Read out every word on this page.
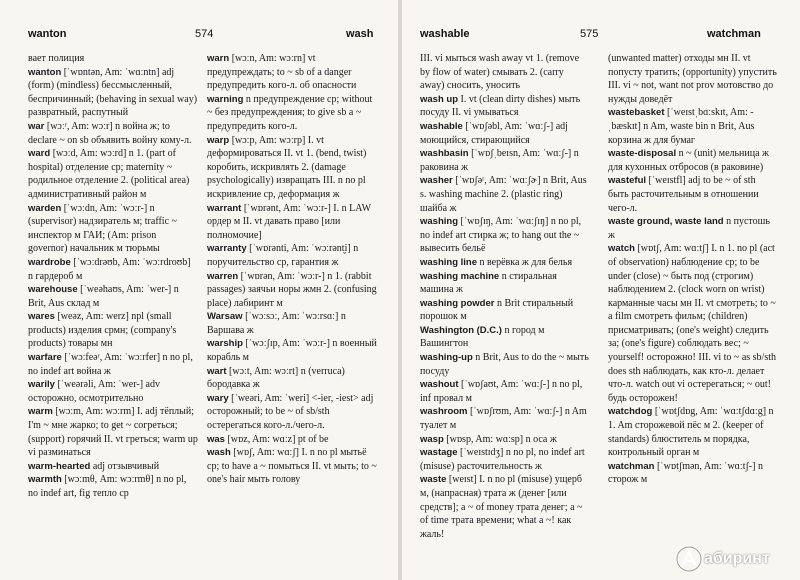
wanton	574	wash
вает полиция
wanton [ˈwɒntən, Am: ˈwɑːntn] adj (form) (mindless) бессмысленный, беспричинный; (behaving in sexual way) развратный, распутный
war [wɔːʳ, Am: wɔːr] n война ж; to declare ~ on sb объявить войну кому-л.
ward [wɔːd, Am: wɔːrd] n 1. (part of hospital) отделение ср; maternity ~ родильное отделение 2. (political area) административный район м
warden [ˈwɔːdn, Am: ˈwɔːr-] n (supervisor) надзиратель м; traffic ~ инспектор м ГАИ; (Am: prison governor) начальник м тюрьмы
wardrobe [ˈwɔːdrəʊb, Am: ˈwɔːrdroʊb] n гардероб м
warehouse [ˈweəhaʊs, Am: ˈwer-] n Brit, Aus склад м
wares [weəz, Am: werz] npl (small products) изделия срмн; (company's products) товары мн
warfare [ˈwɔːfeəʳ, Am: ˈwɔːrfer] n no pl, no indef art война ж
warily [ˈweərəli, Am: ˈwer-] adv осторожно, осмотрительно
warm [wɔːm, Am: wɔːrm] I. adj тёплый; I'm ~ мне жарко; to get ~ согреться; (support) горячий II. vt греться; warm up vi разминаться
warm-hearted adj отзывчивый
warmth [wɔːmθ, Am: wɔːrmθ] n no pl, no indef art, fig тепло ср
warn [wɔːn, Am: wɔːrn] vt предупреждать; to ~ sb of a danger предупредить кого-л. об опасности
warning n предупреждение ср; without ~ без предупреждения; to give sb a ~ предупредить кого-л.
warp [wɔːp, Am: wɔːrp] I. vt деформироваться II. vt 1. (bend, twist) коробить, искривлять 2. (damage psychologically) извращать III. n no pl искривление ср, деформация ж
warrant [ˈwɒrənt, Am: ˈwɔːr-] I. n LAW ордер м II. vt давать право [или полномочие]
warranty [ˈwɒrənti, Am: ˈwɔːrənt̬i] n поручительство ср, гарантия ж
warren [ˈwɒrən, Am: ˈwɔːr-] n 1. (rabbit passages) заячьи норы жмн 2. (confusing place) лабиринт м
Warsaw [ˈwɔːsɔː, Am: ˈwɔːrsɑː] n Варшава ж
warship [ˈwɔːʃɪp, Am: ˈwɔːr-] n военный корабль м
wart [wɔːt, Am: wɔːrt] n (verruca) бородавка ж
wary [ˈweəri, Am: ˈweri] <-ier, -iest> adj осторожный; to be ~ of sb/sth остерегаться кого-л./чего-л.
was [wɒz, Am: wɑːz] pt of be
wash [wɒʃ, Am: wɑːʃ] I. n no pl мытьё ср; to have a ~ помыться II. vt мыть; to ~ one's hair мыть голову
washable	575	watchman
III. vi мыться wash away vt 1. (remove by flow of water) смывать 2. (carry away) сносить, уносить
wash up I. vt (clean dirty dishes) мыть посуду II. vi умываться
washable [ˈwɒʃəbl, Am: ˈwɑːʃ-] adj моющийся, стирающийся
washbasin [ˈwɒʃˌbeɪsn, Am: ˈwɑːʃ-] n раковина ж
washer [ˈwɒʃəʳ, Am: ˈwɑːʃɚ] n Brit, Aus s. washing machine 2. (plastic ring) шайба ж
washing [ˈwɒʃɪŋ, Am: ˈwɑːʃɪŋ] n no pl, no indef art стирка ж; to hang out the ~ вывесить бельё
washing line n верёвка ж для белья
washing machine n стиральная машина ж
washing powder n Brit стиральный порошок м
Washington (D.C.) n город м Вашингтон
washing-up n Brit, Aus to do the ~ мыть посуду
washout [ˈwɒʃaʊt, Am: ˈwɑːʃ-] n no pl, inf провал м
washroom [ˈwɒʃrʊm, Am: ˈwɑːʃ-] n Am туалет м
wasp [wɒsp, Am: wɑːsp] n оса ж
wastage [ˈweɪstɪdʒ] n no pl, no indef art (misuse) расточительность ж
waste [weɪst] I. n no pl (misuse) ущерб м, (напрасная) трата ж (денег [или средств]; a ~ of money трата денег; a ~ of time трата времени; what a ~! как жаль!
(unwanted matter) отходы мн II. vt попусту тратить; (opportunity) упустить III. vi ~ not, want not prov мотовство до нужды доведёт
wastebasket [ˈweɪstˌbɑːskɪt, Am: -ˌbæskɪt] n Am, waste bin n Brit, Aus корзина ж для бумаг
waste-disposal n ~ (unit) мельница ж для кухонных отбросов (в раковине)
wasteful [ˈweɪstfl] adj to be ~ of sth быть расточительным в отношении чего-л.
waste ground, waste land n пустошь ж
watch [wɒtʃ, Am: wɑːtʃ] I. n 1. no pl (act of observation) наблюдение ср; to be under (close) ~ быть под (строгим) наблюдением 2. (clock worn on wrist) карманные часы мн II. vt смотреть; to ~ a film смотреть фильм; (children) присматривать; (one's weight) следить за; (one's figure) соблюдать вес; ~ yourself! осторожно! III. vi to ~ as sb/sth does sth наблюдать, как кто-л. делает что-л. watch out vi остерегаться; ~ out! будь осторожен!
watchdog [ˈwɒtʃdɒg, Am: ˈwɑːtʃdɑːg] n 1. Am сторожевой пёс м 2. (keeper of standards) блюститель м порядка, контрольный орган м
watchman [ˈwɒtʃmən, Am: ˈwɑːtʃ-] n сторож м
абиринт
